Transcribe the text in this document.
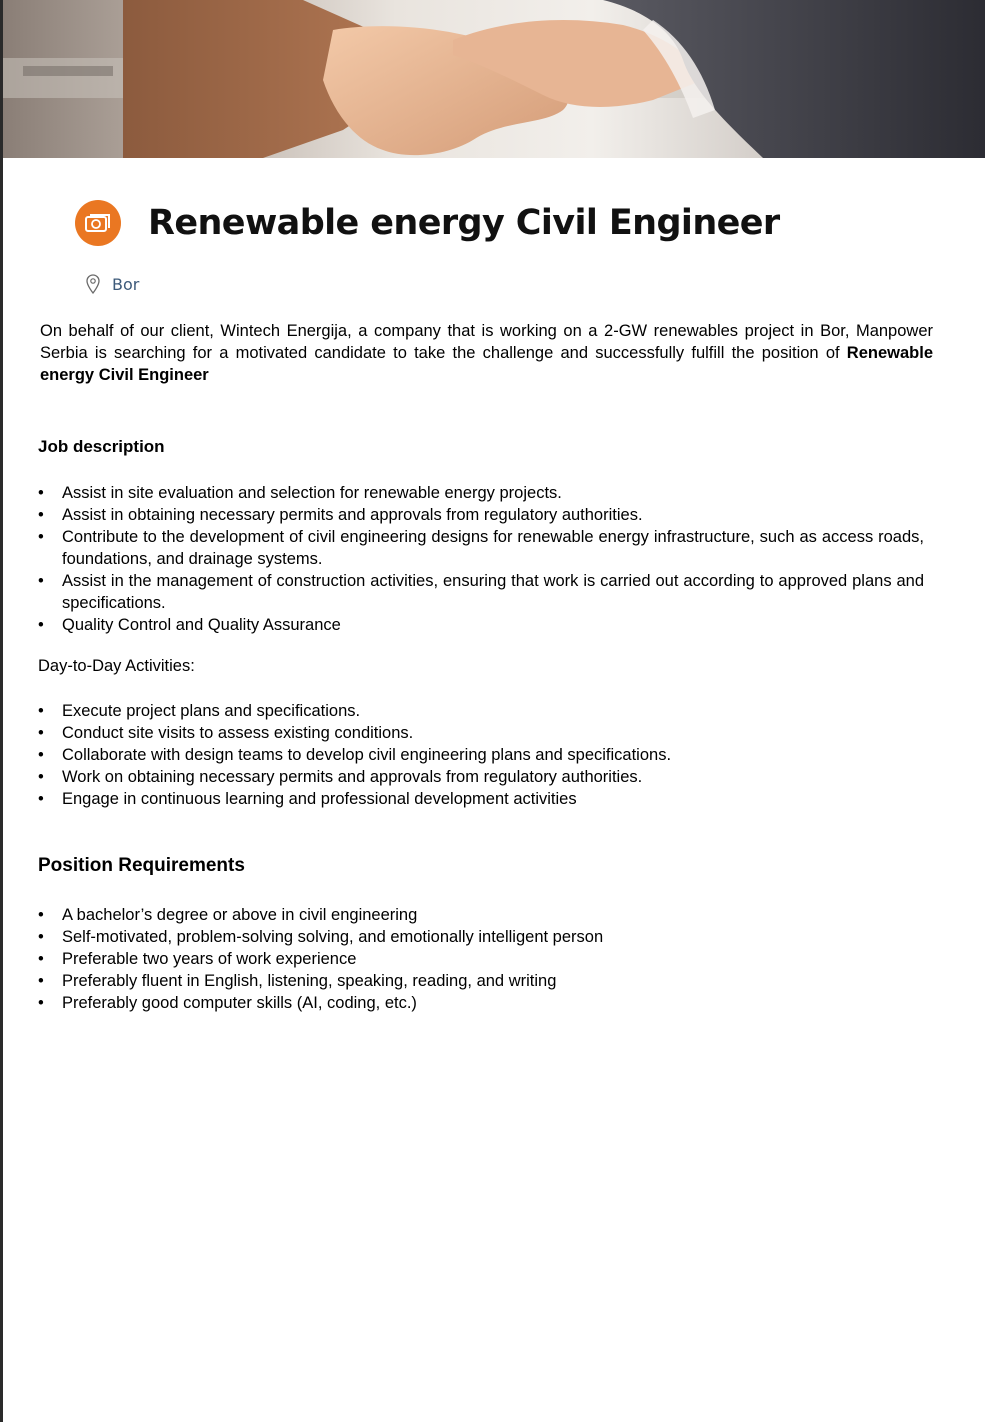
Renewable energy Civil Engineer
Bor
On behalf of our client, Wintech Energija, a company that is working on a 2-GW renewables project in Bor, Manpower Serbia is searching for a motivated candidate to take the challenge and successfully fulfill the position of Renewable energy Civil Engineer
Job description
• Assist in site evaluation and selection for renewable energy projects.
• Assist in obtaining necessary permits and approvals from regulatory authorities.
• Contribute to the development of civil engineering designs for renewable energy infrastructure, such as access roads, foundations, and drainage systems.
• Assist in the management of construction activities, ensuring that work is carried out according to approved plans and specifications.
• Quality Control and Quality Assurance
Day-to-Day Activities:
• Execute project plans and specifications.
• Conduct site visits to assess existing conditions.
• Collaborate with design teams to develop civil engineering plans and specifications.
• Work on obtaining necessary permits and approvals from regulatory authorities.
• Engage in continuous learning and professional development activities
Position Requirements
• A bachelor’s degree or above in civil engineering
• Self-motivated, problem-solving solving, and emotionally intelligent person
• Preferable two years of work experience
• Preferably fluent in English, listening, speaking, reading, and writing
• Preferably good computer skills (AI, coding, etc.)
